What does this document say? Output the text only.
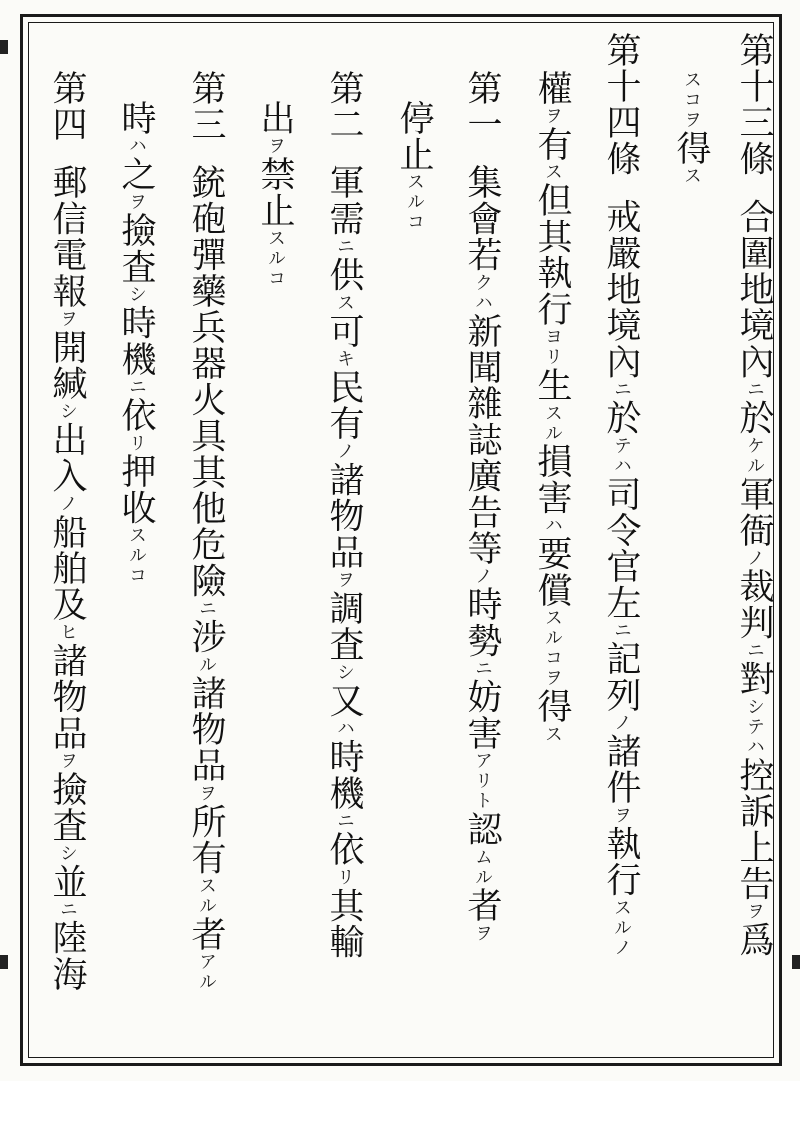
第十三條合圍地境內ニ於ケル軍衙ノ裁判ニ對シテハ控訴上告ヲ爲
スコヲ得ス
第十四條戒嚴地境內ニ於テハ司令官左ニ記列ノ諸件ヲ執行スルノ
權ヲ有ス但其執行ヨリ生スル損害ハ要償スルコヲ得ス
第一集會若クハ新聞雜誌廣告等ノ時勢ニ妨害アリト認ムル者ヲ
停止スルコ
第二軍需ニ供ス可キ民有ノ諸物品ヲ調査シ又ハ時機ニ依リ其輸
出ヲ禁止スルコ
第三銃砲彈藥兵器火具其他危險ニ涉ル諸物品ヲ所有スル者アル
時ハ之ヲ撿査シ時機ニ依リ押收スルコ
第四郵信電報ヲ開緘シ出入ノ船舶及ヒ諸物品ヲ撿査シ並ニ陸海
